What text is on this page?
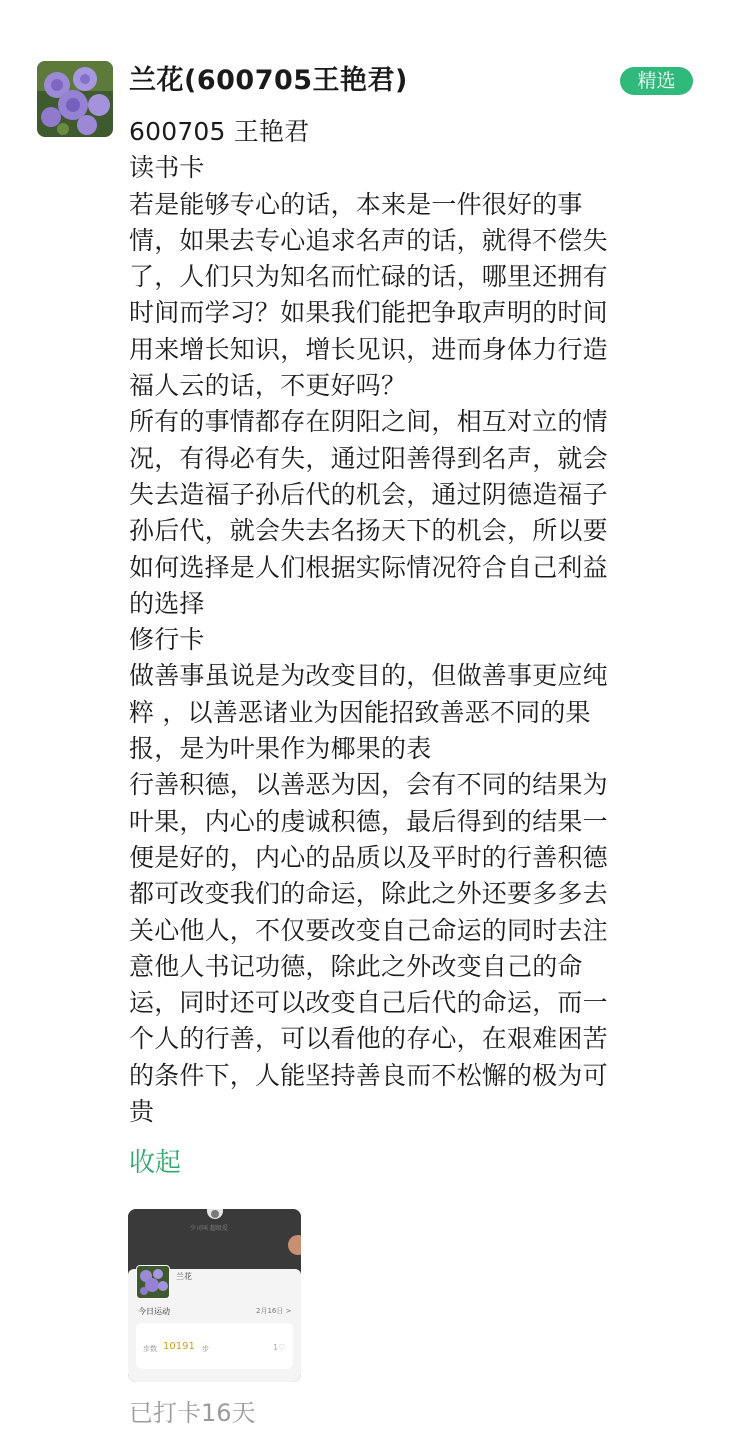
兰花(600705王艳君)	精选

600705 王艳君

读书卡

若是能够专心的话，本来是一件很好的事

情，如果去专心追求名声的话，就得不偿失

了，人们只为知名而忙碌的话，哪里还拥有

时间而学习？如果我们能把争取声明的时间

用来增长知识，增长见识，进而身体力行造

福人云的话，不更好吗？

所有的事情都存在阴阳之间，相互对立的情

况，有得必有失，通过阳善得到名声，就会

失去造福子孙后代的机会，通过阴德造福子

孙后代，就会失去名扬天下的机会，所以要

如何选择是人们根据实际情况符合自己利益

的选择

修行卡

做善事虽说是为改变目的，但做善事更应纯

粹 ，以善恶诸业为因能招致善恶不同的果

报，是为叶果作为椰果的表

行善积德，以善恶为因，会有不同的结果为

叶果，内心的虔诚积德，最后得到的结果一

便是好的，内心的品质以及平时的行善积德

都可改变我们的命运，除此之外还要多多去

关心他人，不仅要改变自己命运的同时去注

意他人书记功德，除此之外改变自己的命

运，同时还可以改变自己后代的命运，而一

个人的行善，可以看他的存心，在艰难困苦

的条件下，人能坚持善良而不松懈的极为可

贵

收起
少司叫 超级爱
兰花
今日运动	2月16日 >
步数 10191 步	1♡
已打卡16天
